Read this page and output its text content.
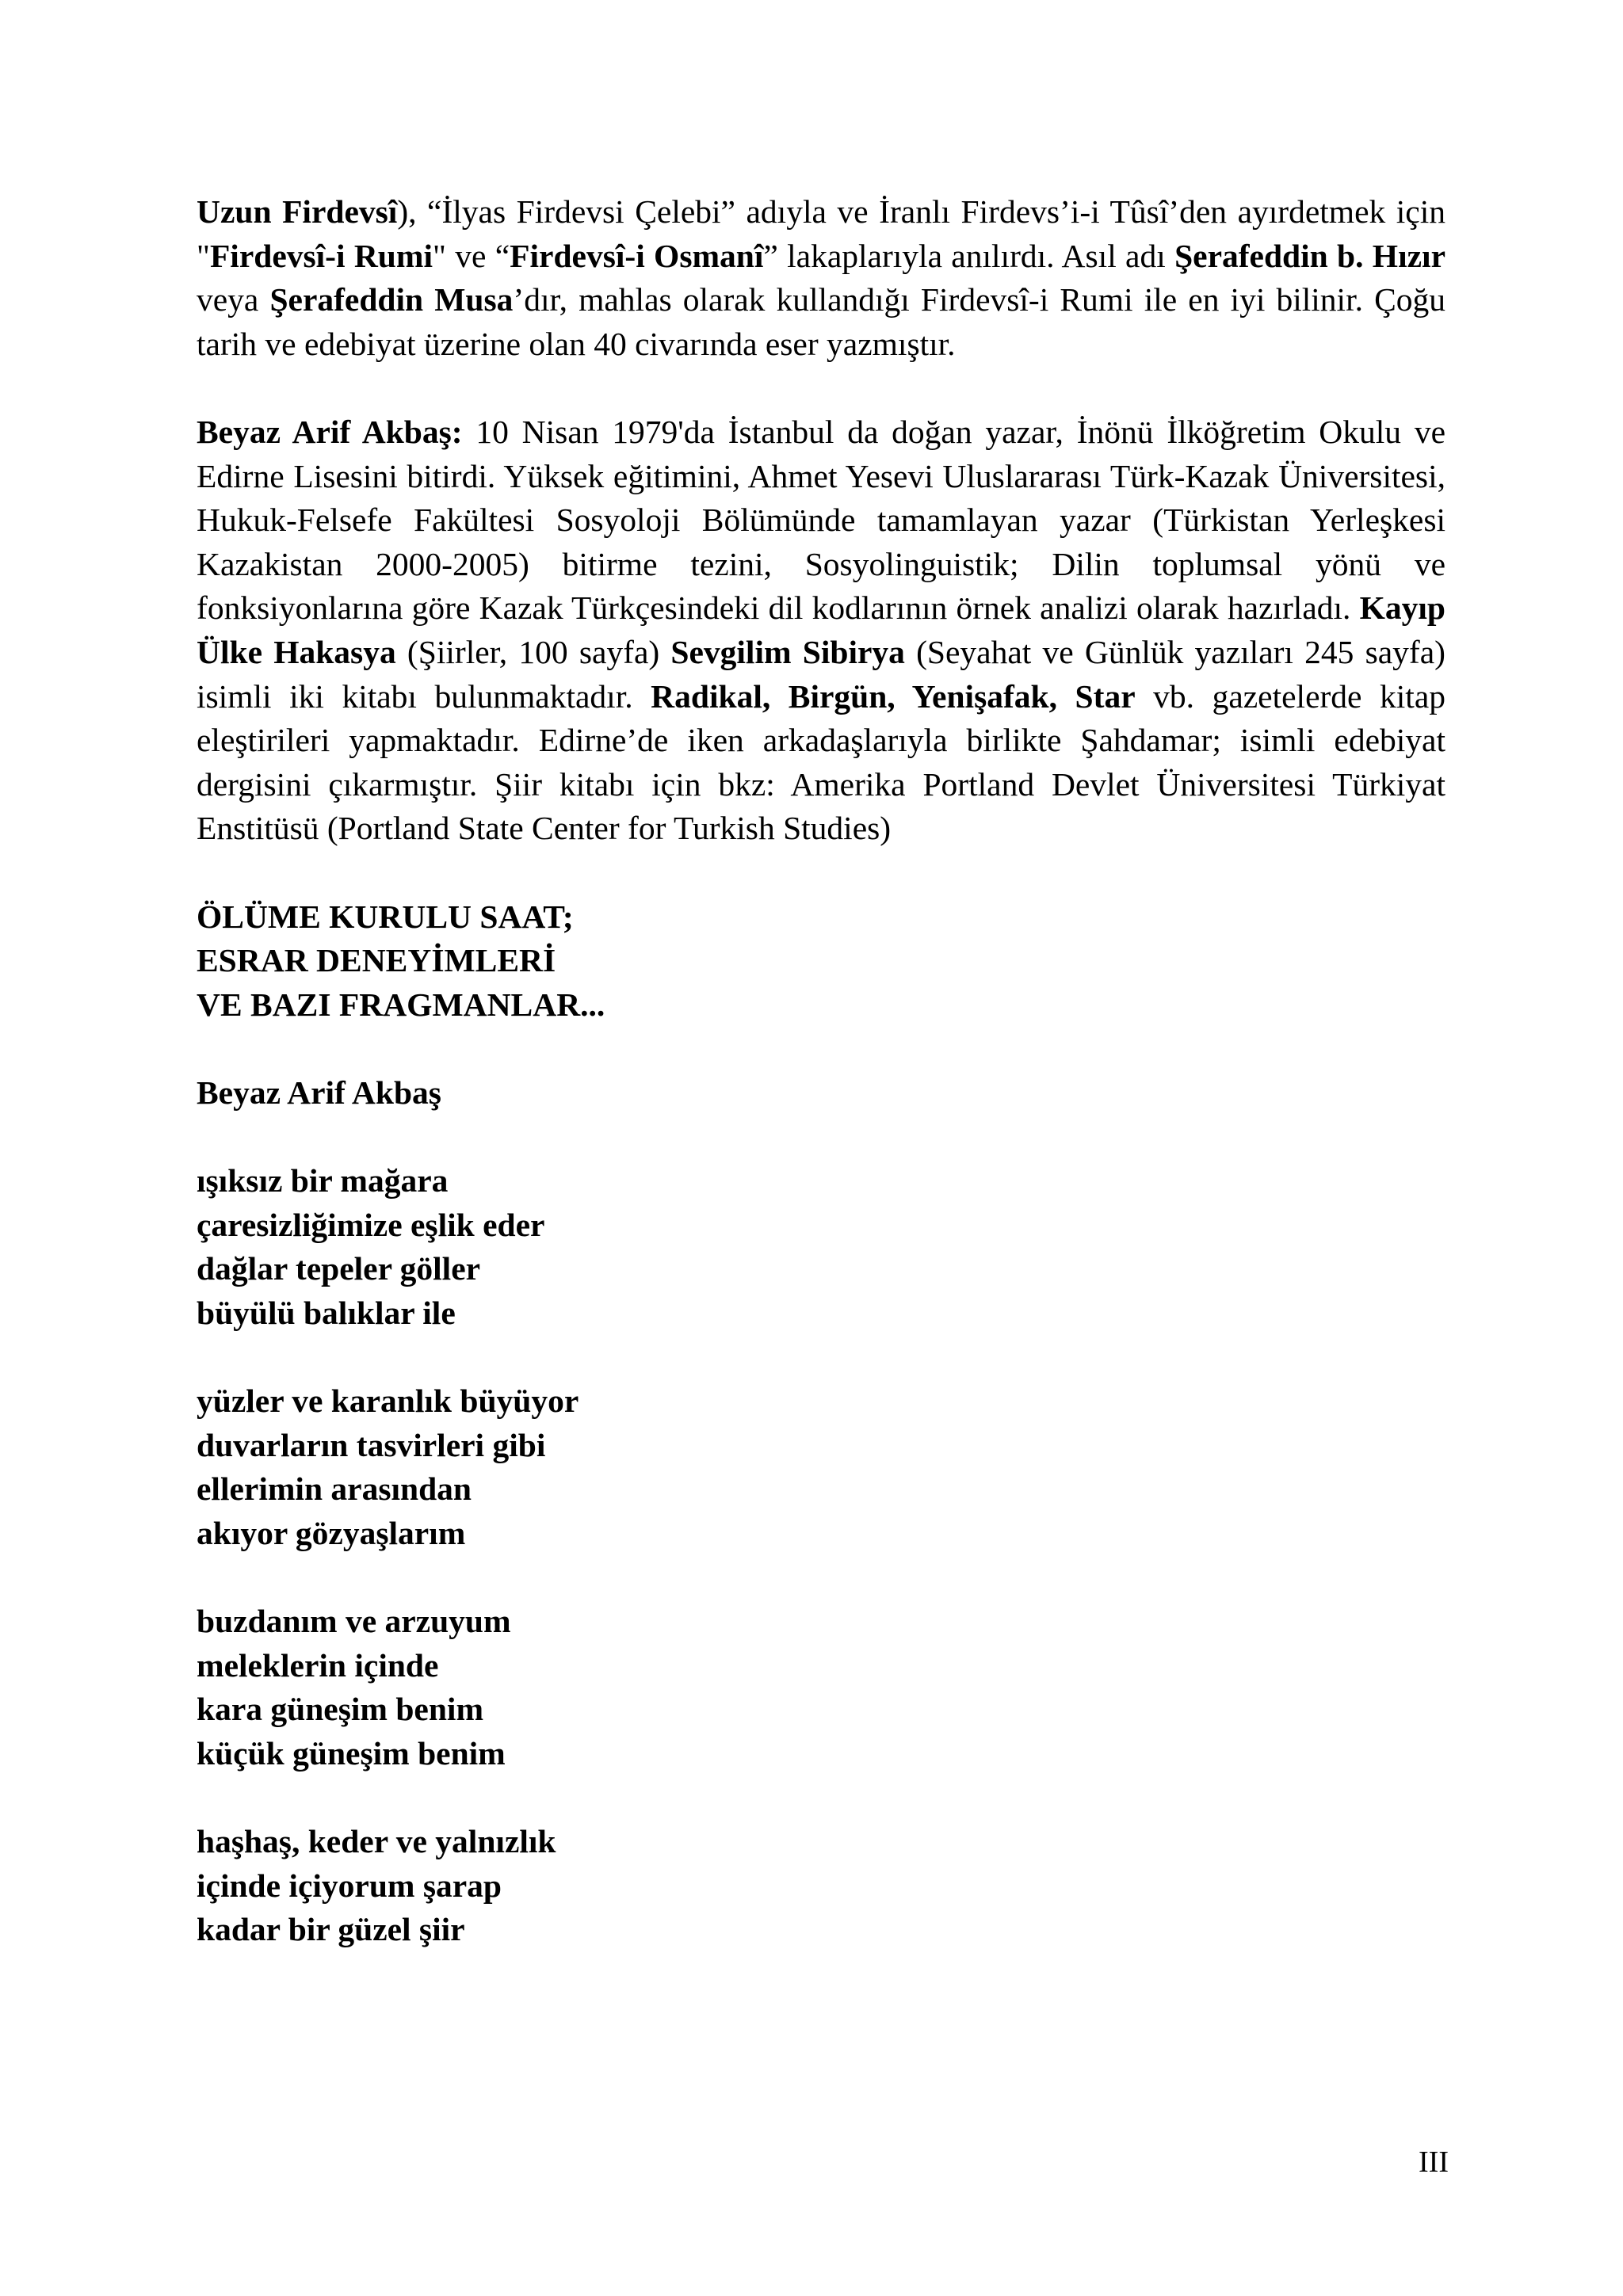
Uzun Firdevsî), “İlyas Firdevsi Çelebi” adıyla ve İranlı Firdevs’i-i Tûsî’den ayırdetmek için "Firdevsî-i Rumi" ve “Firdevsî-i Osmanî” lakaplarıyla anılırdı. Asıl adı Şerafeddin b. Hızır veya Şerafeddin Musa’dır, mahlas olarak kullandığı Firdevsî-i Rumi ile en iyi bilinir. Çoğu tarih ve edebiyat üzerine olan 40 civarında eser yazmıştır.

Beyaz Arif Akbaş: 10 Nisan 1979'da İstanbul da doğan yazar, İnönü İlköğretim Okulu ve Edirne Lisesini bitirdi. Yüksek eğitimini, Ahmet Yesevi Uluslararası Türk-Kazak Üniversitesi, Hukuk-Felsefe Fakültesi Sosyoloji Bölümünde tamamlayan yazar (Türkistan Yerleşkesi Kazakistan 2000-2005) bitirme tezini, Sosyolinguistik; Dilin toplumsal yönü ve fonksiyonlarına göre Kazak Türkçesindeki dil kodlarının örnek analizi olarak hazırladı. Kayıp Ülke Hakasya (Şiirler, 100 sayfa) Sevgilim Sibirya (Seyahat ve Günlük yazıları 245 sayfa) isimli iki kitabı bulunmaktadır. Radikal, Birgün, Yenişafak, Star vb. gazetelerde kitap eleştirileri yapmaktadır. Edirne’de iken arkadaşlarıyla birlikte Şahdamar; isimli edebiyat dergisini çıkarmıştır. Şiir kitabı için bkz: Amerika Portland Devlet Üniversitesi Türkiyat Enstitüsü (Portland State Center for Turkish Studies)

ÖLÜME KURULU SAAT;
ESRAR DENEYİMLERİ
VE BAZI FRAGMANLAR...
Beyaz Arif Akbaş
ışıksız bir mağara
çaresizliğimize eşlik eder
dağlar tepeler göller
büyülü balıklar ile
yüzler ve karanlık büyüyor
duvarların tasvirleri gibi
ellerimin arasından
akıyor gözyaşlarım
buzdanım ve arzuyum
meleklerin içinde
kara güneşim benim
küçük güneşim benim
haşhaş, keder ve yalnızlık
içinde içiyorum şarap
kadar bir güzel şiir
III
